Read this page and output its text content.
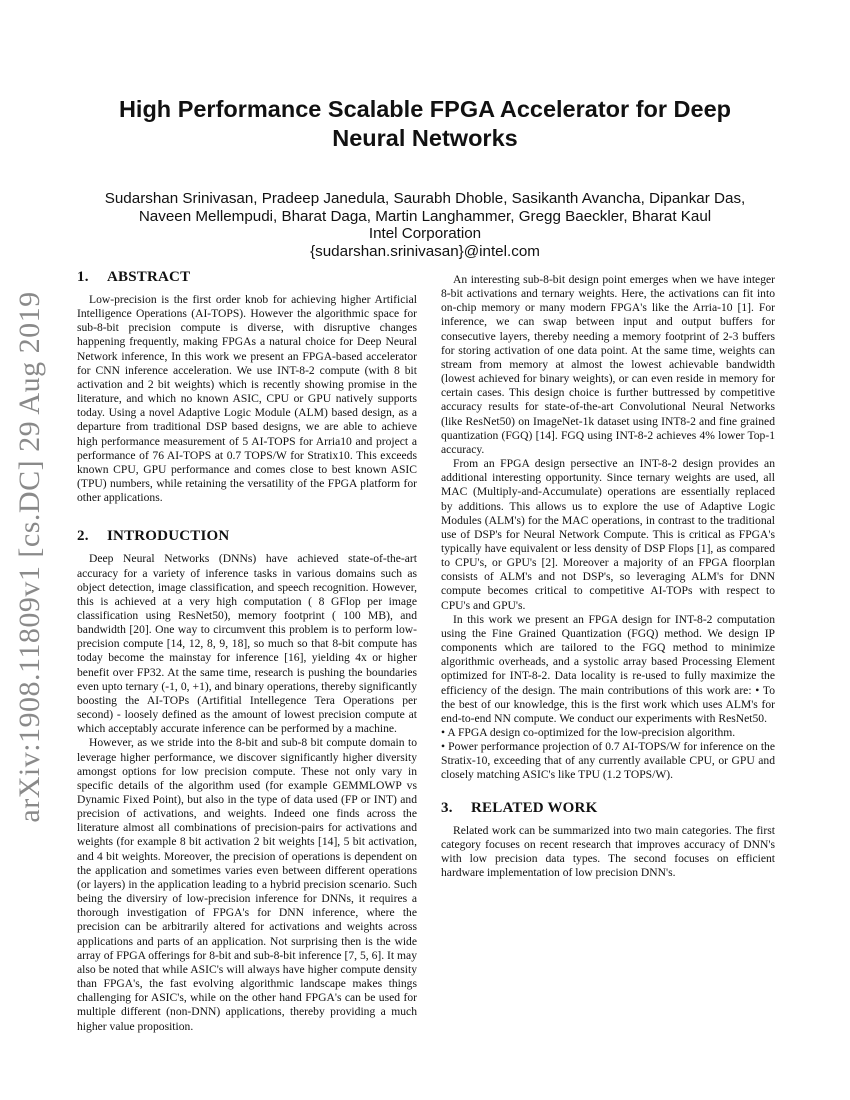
arXiv:1908.11809v1 [cs.DC] 29 Aug 2019
High Performance Scalable FPGA Accelerator for Deep Neural Networks
Sudarshan Srinivasan, Pradeep Janedula, Saurabh Dhoble, Sasikanth Avancha, Dipankar Das,
Naveen Mellempudi, Bharat Daga, Martin Langhammer, Gregg Baeckler, Bharat Kaul
Intel Corporation
{sudarshan.srinivasan}@intel.com
1. ABSTRACT

Low-precision is the first order knob for achieving higher Artificial Intelligence Operations (AI-TOPS). However the algorithmic space for sub-8-bit precision compute is diverse, with disruptive changes happening frequently, making FPGAs a natural choice for Deep Neural Network inference, In this work we present an FPGA-based accelerator for CNN inference acceleration. We use INT-8-2 compute (with 8 bit activation and 2 bit weights) which is recently showing promise in the literature, and which no known ASIC, CPU or GPU natively supports today. Using a novel Adaptive Logic Module (ALM) based design, as a departure from traditional DSP based designs, we are able to achieve high performance measurement of 5 AI-TOPS for Arria10 and project a performance of 76 AI-TOPS at 0.7 TOPS/W for Stratix10. This exceeds known CPU, GPU performance and comes close to best known ASIC (TPU) numbers, while retaining the versatility of the FPGA platform for other applications.

2. INTRODUCTION

Deep Neural Networks (DNNs) have achieved state-of-the-art accuracy for a variety of inference tasks in various domains such as object detection, image classification, and speech recognition. However, this is achieved at a very high computation ( 8 GFlop per image classification using ResNet50), memory footprint ( 100 MB), and bandwidth [20]. One way to circumvent this problem is to perform low-precision compute [14, 12, 8, 9, 18], so much so that 8-bit compute has today become the mainstay for inference [16], yielding 4x or higher benefit over FP32. At the same time, research is pushing the boundaries even upto ternary (-1, 0, +1), and binary operations, thereby significantly boosting the AI-TOPs (Artifitial Intellegence Tera Operations per second) - loosely defined as the amount of lowest precision compute at which acceptably accurate inference can be performed by a machine.

However, as we stride into the 8-bit and sub-8 bit compute domain to leverage higher performance, we discover significantly higher diversity amongst options for low precision compute. These not only vary in specific details of the algorithm used (for example GEMMLOWP vs Dynamic Fixed Point), but also in the type of data used (FP or INT) and precision of activations, and weights. Indeed one finds across the literature almost all combinations of precision-pairs for activations and weights (for example 8 bit activation 2 bit weights [14], 5 bit activation, and 4 bit weights. Moreover, the precision of operations is dependent on the application and sometimes varies even between different operations (or layers) in the application leading to a hybrid precision scenario. Such being the diversiry of low-precision inference for DNNs, it requires a thorough investigation of FPGA's for DNN inference, where the precision can be arbitrarily altered for activations and weights across applications and parts of an application. Not surprising then is the wide array of FPGA offerings for 8-bit and sub-8-bit inference [7, 5, 6]. It may also be noted that while ASIC's will always have higher compute density than FPGA's, the fast evolving algorithmic landscape makes things challenging for ASIC's, while on the other hand FPGA's can be used for multiple different (non-DNN) applications, thereby providing a much higher value proposition.

An interesting sub-8-bit design point emerges when we have integer 8-bit activations and ternary weights. Here, the activations can fit into on-chip memory or many modern FPGA's like the Arria-10 [1]. For inference, we can swap between input and output buffers for consecutive layers, thereby needing a memory footprint of 2-3 buffers for storing activation of one data point. At the same time, weights can stream from memory at almost the lowest achievable bandwidth (lowest achieved for binary weights), or can even reside in memory for certain cases. This design choice is further buttressed by competitive accuracy results for state-of-the-art Convolutional Neural Networks (like ResNet50) on ImageNet-1k dataset using INT8-2 and fine grained quantization (FGQ) [14]. FGQ using INT-8-2 achieves 4% lower Top-1 accuracy.

From an FPGA design persective an INT-8-2 design provides an additional interesting opportunity. Since ternary weights are used, all MAC (Multiply-and-Accumulate) operations are essentially replaced by additions. This allows us to explore the use of Adaptive Logic Modules (ALM's) for the MAC operations, in contrast to the traditional use of DSP's for Neural Network Compute. This is critical as FPGA's typically have equivalent or less density of DSP Flops [1], as compared to CPU's, or GPU's [2]. Moreover a majority of an FPGA floorplan consists of ALM's and not DSP's, so leveraging ALM's for DNN compute becomes critical to competitive AI-TOPs with respect to CPU's and GPU's.

In this work we present an FPGA design for INT-8-2 computation using the Fine Grained Quantization (FGQ) method. We design IP components which are tailored to the FGQ method to minimize algorithmic overheads, and a systolic array based Processing Element optimized for INT-8-2. Data locality is re-used to fully maximize the efficiency of the design. The main contributions of this work are: • To the best of our knowledge, this is the first work which uses ALM's for end-to-end NN compute. We conduct our experiments with ResNet50.

• A FPGA design co-optimized for the low-precision algorithm.

• Power performance projection of 0.7 AI-TOPS/W for inference on the Stratix-10, exceeding that of any currently available CPU, or GPU and closely matching ASIC's like TPU (1.2 TOPS/W).

3. RELATED WORK

Related work can be summarized into two main categories. The first category focuses on recent research that improves accuracy of DNN's with low precision data types. The second focuses on efficient hardware implementation of low precision DNN's.
